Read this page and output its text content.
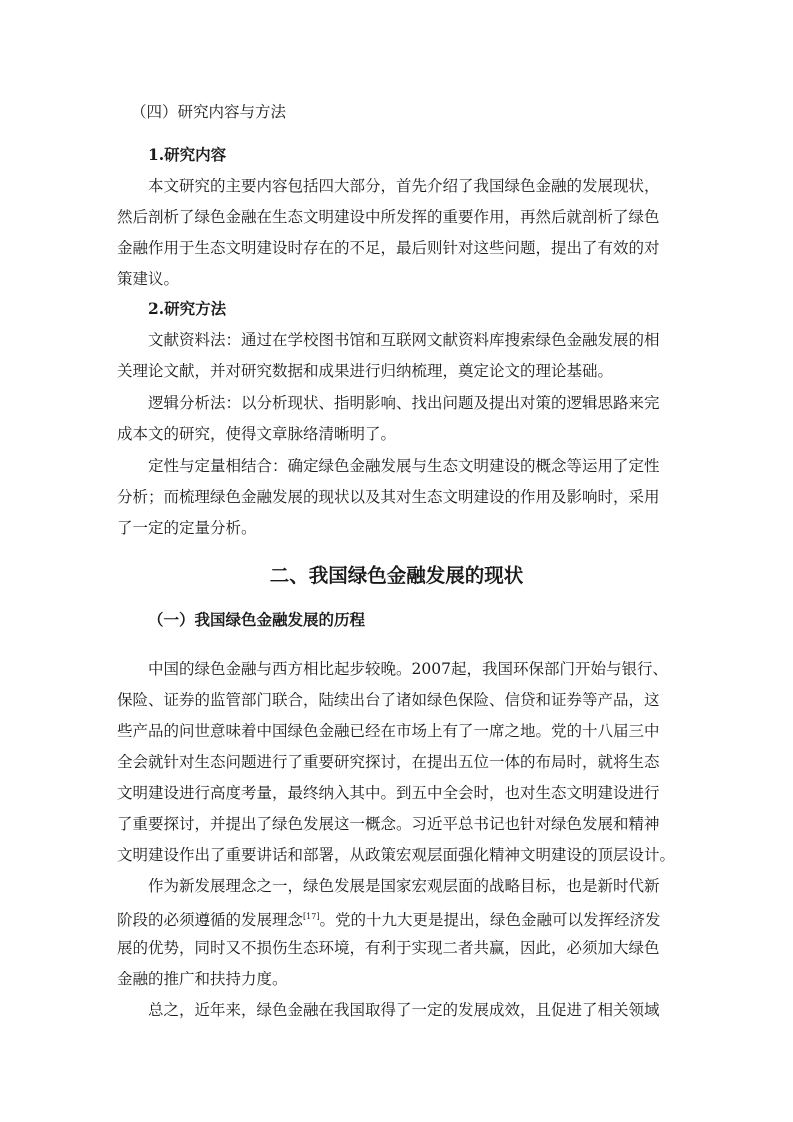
（四）研究内容与方法
1.研究内容
本文研究的主要内容包括四大部分，首先介绍了我国绿色金融的发展现状，
然后剖析了绿色金融在生态文明建设中所发挥的重要作用，再然后就剖析了绿色
金融作用于生态文明建设时存在的不足，最后则针对这些问题，提出了有效的对
策建议。
2.研究方法
文献资料法：通过在学校图书馆和互联网文献资料库搜索绿色金融发展的相
关理论文献，并对研究数据和成果进行归纳梳理，奠定论文的理论基础。
逻辑分析法：以分析现状、指明影响、找出问题及提出对策的逻辑思路来完
成本文的研究，使得文章脉络清晰明了。
定性与定量相结合：确定绿色金融发展与生态文明建设的概念等运用了定性
分析；而梳理绿色金融发展的现状以及其对生态文明建设的作用及影响时，采用
了一定的定量分析。
二、我国绿色金融发展的现状
（一）我国绿色金融发展的历程
中国的绿色金融与西方相比起步较晚。2007起，我国环保部门开始与银行、
保险、证券的监管部门联合，陆续出台了诸如绿色保险、信贷和证券等产品，这
些产品的问世意味着中国绿色金融已经在市场上有了一席之地。党的十八届三中
全会就针对生态问题进行了重要研究探讨，在提出五位一体的布局时，就将生态
文明建设进行高度考量，最终纳入其中。到五中全会时，也对生态文明建设进行
了重要探讨，并提出了绿色发展这一概念。习近平总书记也针对绿色发展和精神
文明建设作出了重要讲话和部署，从政策宏观层面强化精神文明建设的顶层设计。
作为新发展理念之一，绿色发展是国家宏观层面的战略目标，也是新时代新
阶段的必须遵循的发展理念[17]。党的十九大更是提出，绿色金融可以发挥经济发
展的优势，同时又不损伤生态环境，有利于实现二者共赢，因此，必须加大绿色
金融的推广和扶持力度。
总之，近年来，绿色金融在我国取得了一定的发展成效，且促进了相关领域
